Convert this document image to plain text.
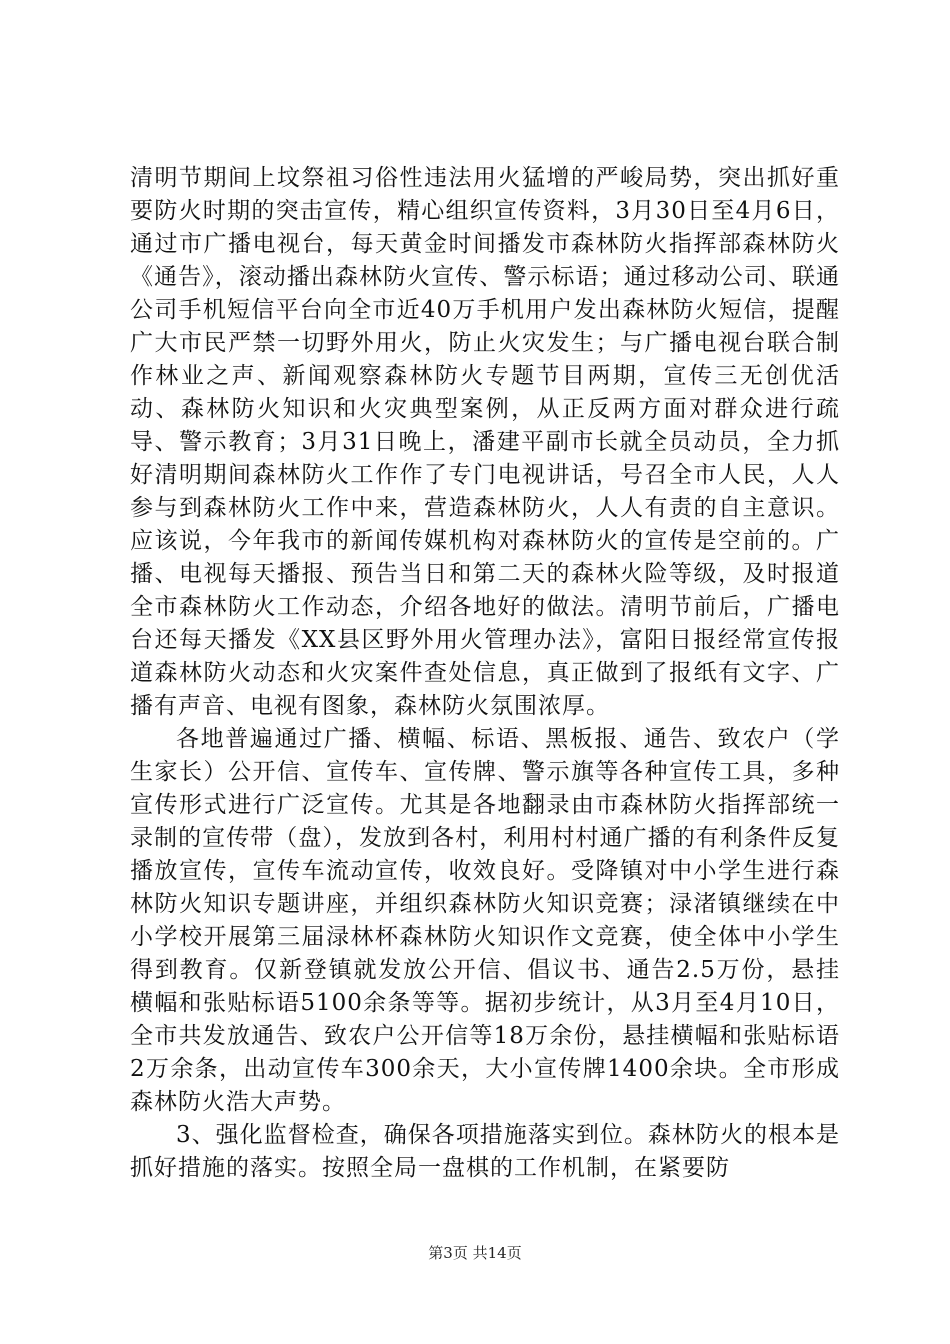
清明节期间上坟祭祖习俗性违法用火猛增的严峻局势，突出抓好重要防火时期的突击宣传，精心组织宣传资料，3月30日至4月6日，通过市广播电视台，每天黄金时间播发市森林防火指挥部森林防火《通告》，滚动播出森林防火宣传、警示标语；通过移动公司、联通公司手机短信平台向全市近40万手机用户发出森林防火短信，提醒广大市民严禁一切野外用火，防止火灾发生；与广播电视台联合制作林业之声、新闻观察森林防火专题节目两期，宣传三无创优活动、森林防火知识和火灾典型案例，从正反两方面对群众进行疏导、警示教育；3月31日晚上，潘建平副市长就全员动员，全力抓好清明期间森林防火工作作了专门电视讲话，号召全市人民，人人参与到森林防火工作中来，营造森林防火，人人有责的自主意识。应该说，今年我市的新闻传媒机构对森林防火的宣传是空前的。广播、电视每天播报、预告当日和第二天的森林火险等级，及时报道全市森林防火工作动态，介绍各地好的做法。清明节前后，广播电台还每天播发《XX县区野外用火管理办法》，富阳日报经常宣传报道森林防火动态和火灾案件查处信息，真正做到了报纸有文字、广播有声音、电视有图象，森林防火氛围浓厚。

各地普遍通过广播、横幅、标语、黑板报、通告、致农户（学生家长）公开信、宣传车、宣传牌、警示旗等各种宣传工具，多种宣传形式进行广泛宣传。尤其是各地翻录由市森林防火指挥部统一录制的宣传带（盘），发放到各村，利用村村通广播的有利条件反复播放宣传，宣传车流动宣传，收效良好。受降镇对中小学生进行森林防火知识专题讲座，并组织森林防火知识竞赛；渌渚镇继续在中小学校开展第三届渌林杯森林防火知识作文竞赛，使全体中小学生得到教育。仅新登镇就发放公开信、倡议书、通告2.5万份，悬挂横幅和张贴标语5100余条等等。据初步统计，从3月至4月10日，全市共发放通告、致农户公开信等18万余份，悬挂横幅和张贴标语2万余条，出动宣传车300余天，大小宣传牌1400余块。全市形成森林防火浩大声势。

3、强化监督检查，确保各项措施落实到位。森林防火的根本是抓好措施的落实。按照全局一盘棋的工作机制，在紧要防

第3页 共14页
